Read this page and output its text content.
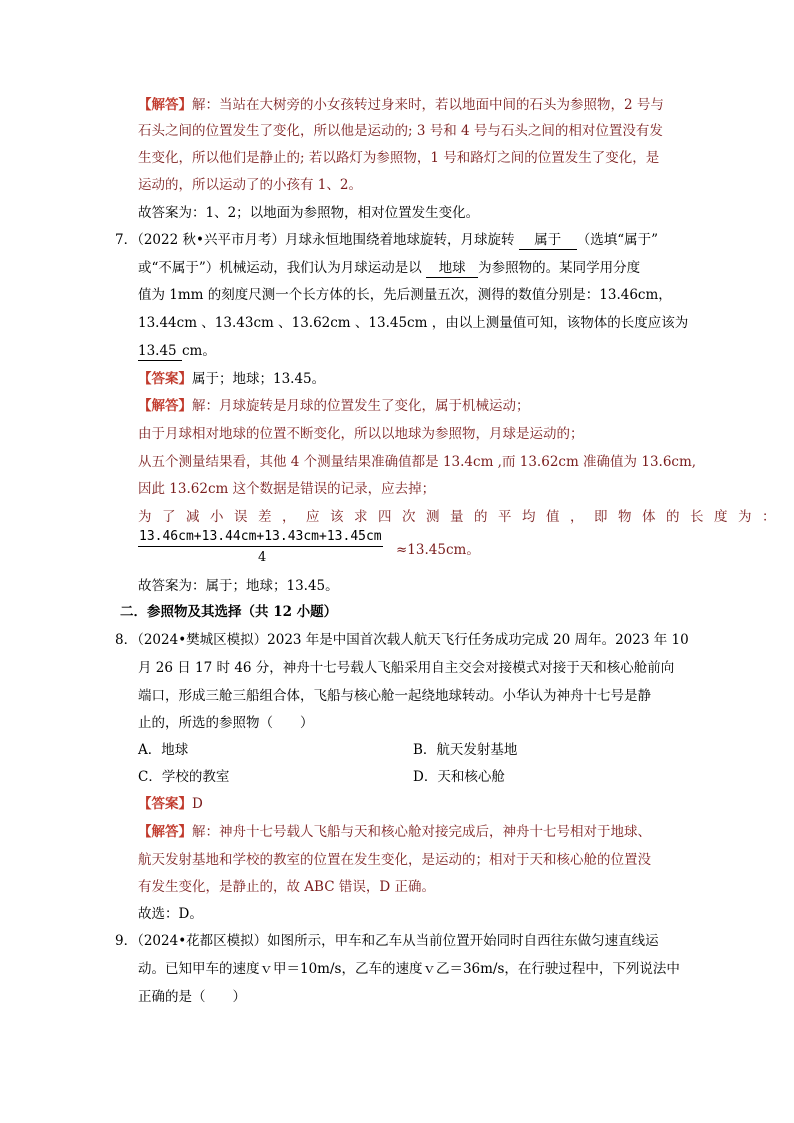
【解答】解：当站在大树旁的小女孩转过身来时，若以地面中间的石头为参照物，2 号与
石头之间的位置发生了变化，所以他是运动的; 3 号和 4 号与石头之间的相对位置没有发
生变化，所以他们是静止的; 若以路灯为参照物，1 号和路灯之间的位置发生了变化，是
运动的，所以运动了的小孩有 1、2。
故答案为：1、2；以地面为参照物，相对位置发生变化。
7．（2022 秋•兴平市月考）月球永恒地围绕着地球旋转，月球旋转 属于 （选填“属于”
或“不属于”）机械运动，我们认为月球运动是以 地球 为参照物的。某同学用分度
值为 1mm 的刻度尺测一个长方体的长，先后测量五次，测得的数值分别是：13.46cm，
13.44cm 、13.43cm 、13.62cm 、13.45cm ，由以上测量值可知，该物体的长度应该为
13.45 cm。
【答案】属于；地球；13.45。
【解答】解：月球旋转是月球的位置发生了变化，属于机械运动；
由于月球相对地球的位置不断变化，所以以地球为参照物，月球是运动的；
从五个测量结果看，其他 4 个测量结果准确值都是 13.4cm ,而 13.62cm 准确值为 13.6cm,
因此 13.62cm 这个数据是错误的记录，应去掉；
为了减小误差，应该求四次测量的平均值，即物体的长度为：
13.46cm+13.44cm+13.43cm+13.45cm
4	≈13.45cm。
故答案为：属于；地球；13.45。
二．参照物及其选择（共 12 小题）
8．（2024•樊城区模拟）2023 年是中国首次载人航天飞行任务成功完成 20 周年。2023 年 10
月 26 日 17 时 46 分，神舟十七号载人飞船采用自主交会对接模式对接于天和核心舱前向
端口，形成三舱三船组合体，飞船与核心舱一起绕地球转动。小华认为神舟十七号是静
止的，所选的参照物（　　）
A．地球	B．航天发射基地
C．学校的教室	D．天和核心舱
【答案】D
【解答】解：神舟十七号载人飞船与天和核心舱对接完成后，神舟十七号相对于地球、
航天发射基地和学校的教室的位置在发生变化，是运动的；相对于天和核心舱的位置没
有发生变化，是静止的，故 ABC 错误，D 正确。
故选：D。
9．（2024•花都区模拟）如图所示，甲车和乙车从当前位置开始同时自西往东做匀速直线运
动。已知甲车的速度ｖ甲＝10m/s，乙车的速度ｖ乙＝36m/s，在行驶过程中，下列说法中
正确的是（　　）
